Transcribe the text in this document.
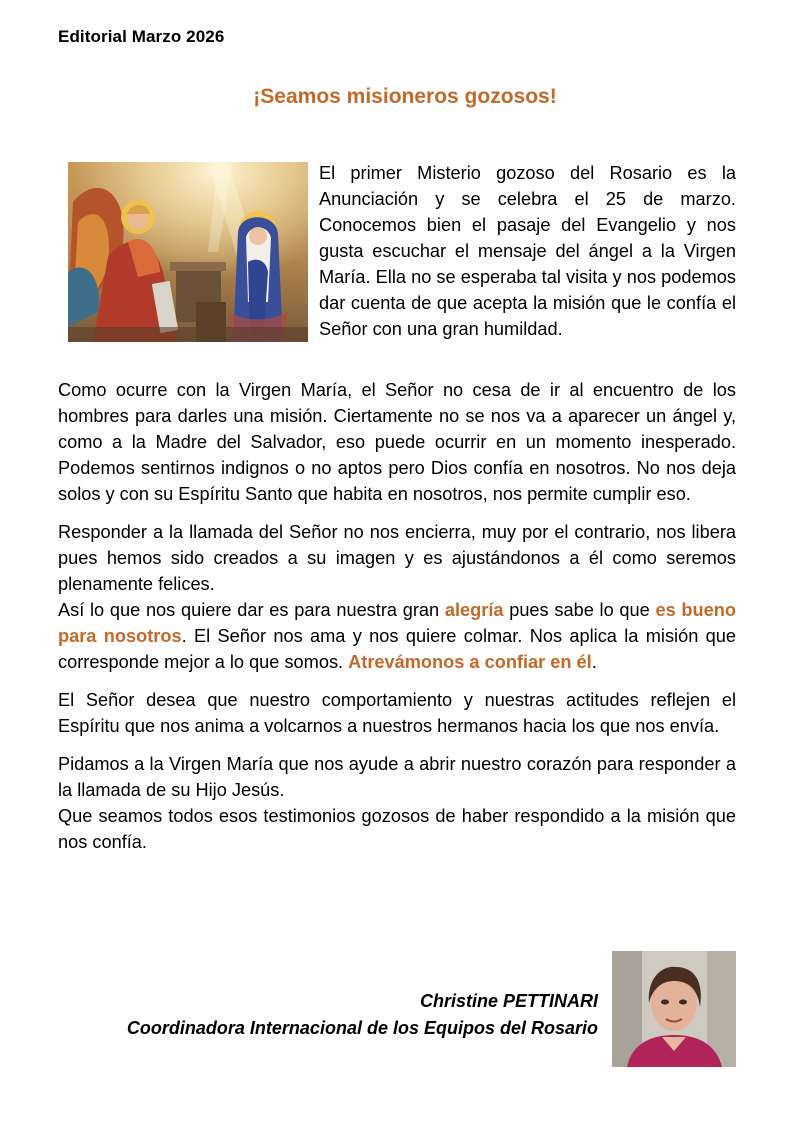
Editorial Marzo 2026
¡Seamos misioneros gozosos!

El primer Misterio gozoso del Rosario es la Anunciación y se celebra el 25 de marzo. Conocemos bien el pasaje del Evangelio y nos gusta escuchar el mensaje del ángel a la Virgen María. Ella no se esperaba tal visita y nos podemos dar cuenta de que acepta la misión que le confía el Señor con una gran humildad.

Como ocurre con la Virgen María, el Señor no cesa de ir al encuentro de los hombres para darles una misión. Ciertamente no se nos va a aparecer un ángel y, como a la Madre del Salvador, eso puede ocurrir en un momento inesperado. Podemos sentirnos indignos o no aptos pero Dios confía en nosotros. No nos deja solos y con su Espíritu Santo que habita en nosotros, nos permite cumplir eso.

Responder a la llamada del Señor no nos encierra, muy por el contrario, nos libera pues hemos sido creados a su imagen y es ajustándonos a él como seremos plenamente felices.

Así lo que nos quiere dar es para nuestra gran alegría pues sabe lo que es bueno para nosotros. El Señor nos ama y nos quiere colmar. Nos aplica la misión que corresponde mejor a lo que somos. Atrevámonos a confiar en él.

El Señor desea que nuestro comportamiento y nuestras actitudes reflejen el Espíritu que nos anima a volcarnos a nuestros hermanos hacia los que nos envía.

Pidamos a la Virgen María que nos ayude a abrir nuestro corazón para responder a la llamada de su Hijo Jesús.

Que seamos todos esos testimonios gozosos de haber respondido a la misión que nos confía.

Christine PETTINARI
Coordinadora Internacional de los Equipos del Rosario
